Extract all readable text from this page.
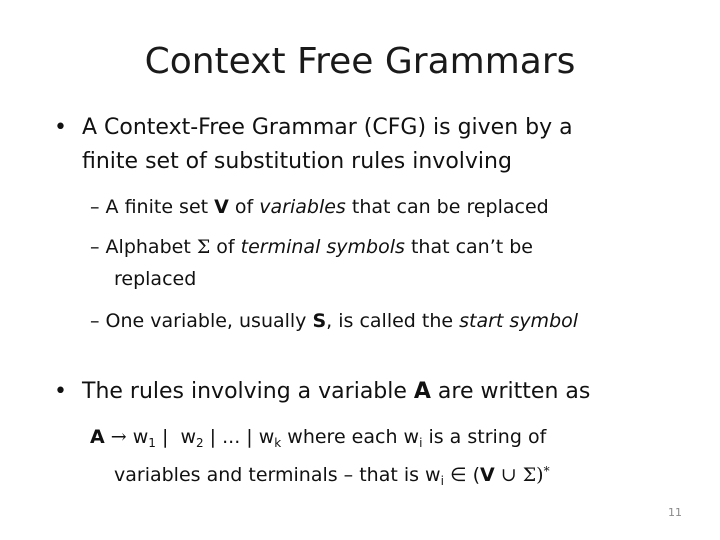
Context Free Grammars
• A Context-Free Grammar (CFG) is given by a
finite set of substitution rules involving
– A finite set V of variables that can be replaced
– Alphabet Σ of terminal symbols that can’t be
replaced
– One variable, usually S, is called the start symbol
• The rules involving a variable A are written as
$A \to w_1$ |  $w_2$ | ... | $w_k$ where each $w_i$ is a string of
variables and terminals – that is $w_i$ ∈ (V ∪ Σ)*
11
